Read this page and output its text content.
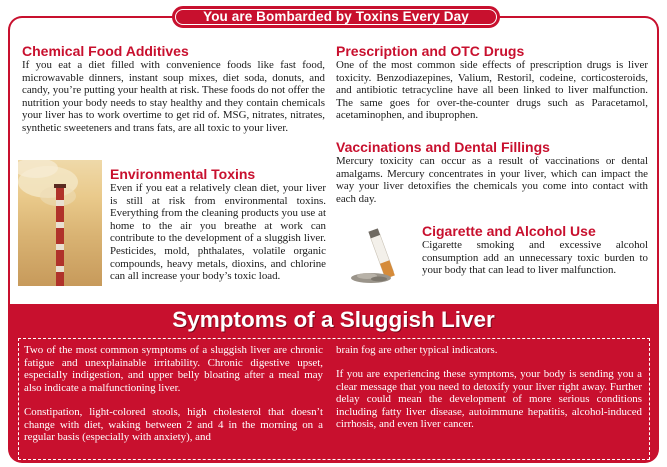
You are Bombarded by Toxins Every Day
Chemical Food Additives

If you eat a diet filled with convenience foods like fast food, microwavable dinners, instant soup mixes, diet soda, donuts, and candy, you’re putting your health at risk. These foods do not offer the nutrition your body needs to stay healthy and they contain chemicals your liver has to work overtime to get rid of. MSG, nitrates, nitrates, synthetic sweeteners and trans fats, are all toxic to your liver.

Environmental Toxins

Even if you eat a relatively clean diet, your liver is still at risk from environmental toxins. Everything from the cleaning products you use at home to the air you breathe at work can contribute to the development of a sluggish liver. Pesticides, mold, phthalates, volatile organic compounds, heavy metals, dioxins, and chlorine can all increase your body’s toxic load.

Prescription and OTC Drugs

One of the most common side effects of prescription drugs is liver toxicity. Benzodiazepines, Valium, Restoril, codeine, corticosteroids, and antibiotic tetracycline have all been linked to liver malfunction. The same goes for over-the-counter drugs such as Paracetamol, acetaminophen, and ibuprophen.

Vaccinations and Dental Fillings

Mercury toxicity can occur as a result of vaccinations or dental amalgams. Mercury concentrates in your liver, which can impact the way your liver detoxifies the chemicals you come into contact with each day.

Cigarette and Alcohol Use

Cigarette smoking and excessive alcohol consumption add an unnecessary toxic burden to your body that can lead to liver malfunction.

Symptoms of a Sluggish Liver

Two of the most common symptoms of a sluggish liver are chronic fatigue and unexplainable irritability. Chronic digestive upset, especially indigestion, and upper belly bloating after a meal may also indicate a malfunctioning liver.

Constipation, light-colored stools, high cholesterol that doesn’t change with diet, waking between 2 and 4 in the morning on a regular basis (especially with anxiety), and

brain fog are other typical indicators.

If you are experiencing these symptoms, your body is sending you a clear message that you need to detoxify your liver right away. Further delay could mean the development of more serious conditions including fatty liver disease, autoimmune hepatitis, alcohol-induced cirrhosis, and even liver cancer.
